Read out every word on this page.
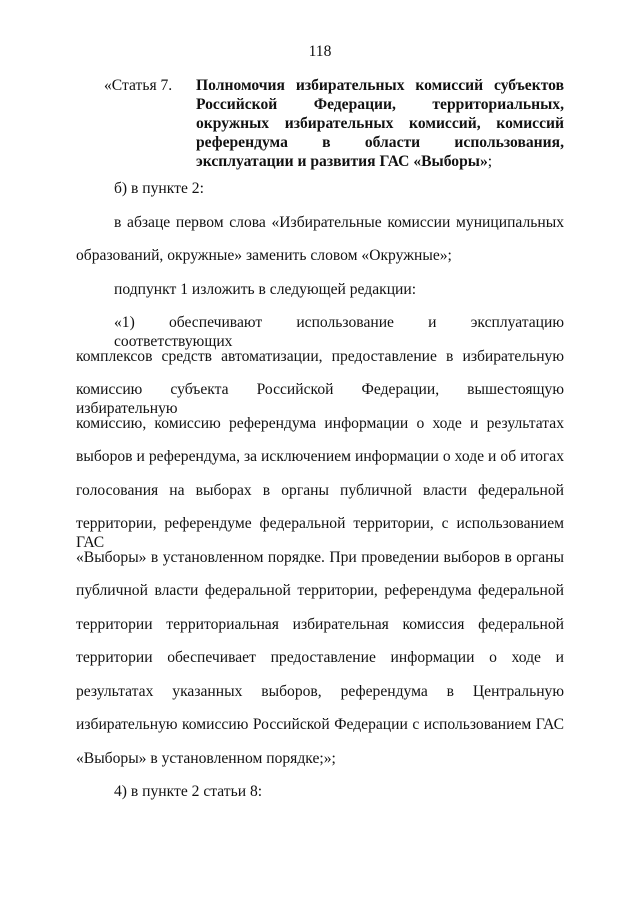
118
«Статья 7.	Полномочия избирательных комиссий субъектов
Российской Федерации, территориальных,
окружных избирательных комиссий, комиссий
референдума в области использования,
эксплуатации и развития ГАС «Выборы»;
б) в пункте 2:
в абзаце первом слова «Избирательные комиссии муниципальных
образований, окружные» заменить словом «Окружные»;
подпункт 1 изложить в следующей редакции:
«1) обеспечивают использование и эксплуатацию соответствующих
комплексов средств автоматизации, предоставление в избирательную
комиссию субъекта Российской Федерации, вышестоящую избирательную
комиссию, комиссию референдума информации о ходе и результатах
выборов и референдума, за исключением информации о ходе и об итогах
голосования на выборах в органы публичной власти федеральной
территории, референдуме федеральной территории, с использованием ГАС
«Выборы» в установленном порядке. При проведении выборов в органы
публичной власти федеральной территории, референдума федеральной
территории территориальная избирательная комиссия федеральной
территории обеспечивает предоставление информации о ходе и
результатах указанных выборов, референдума в Центральную
избирательную комиссию Российской Федерации с использованием ГАС
«Выборы» в установленном порядке;»;
4) в пункте 2 статьи 8:
